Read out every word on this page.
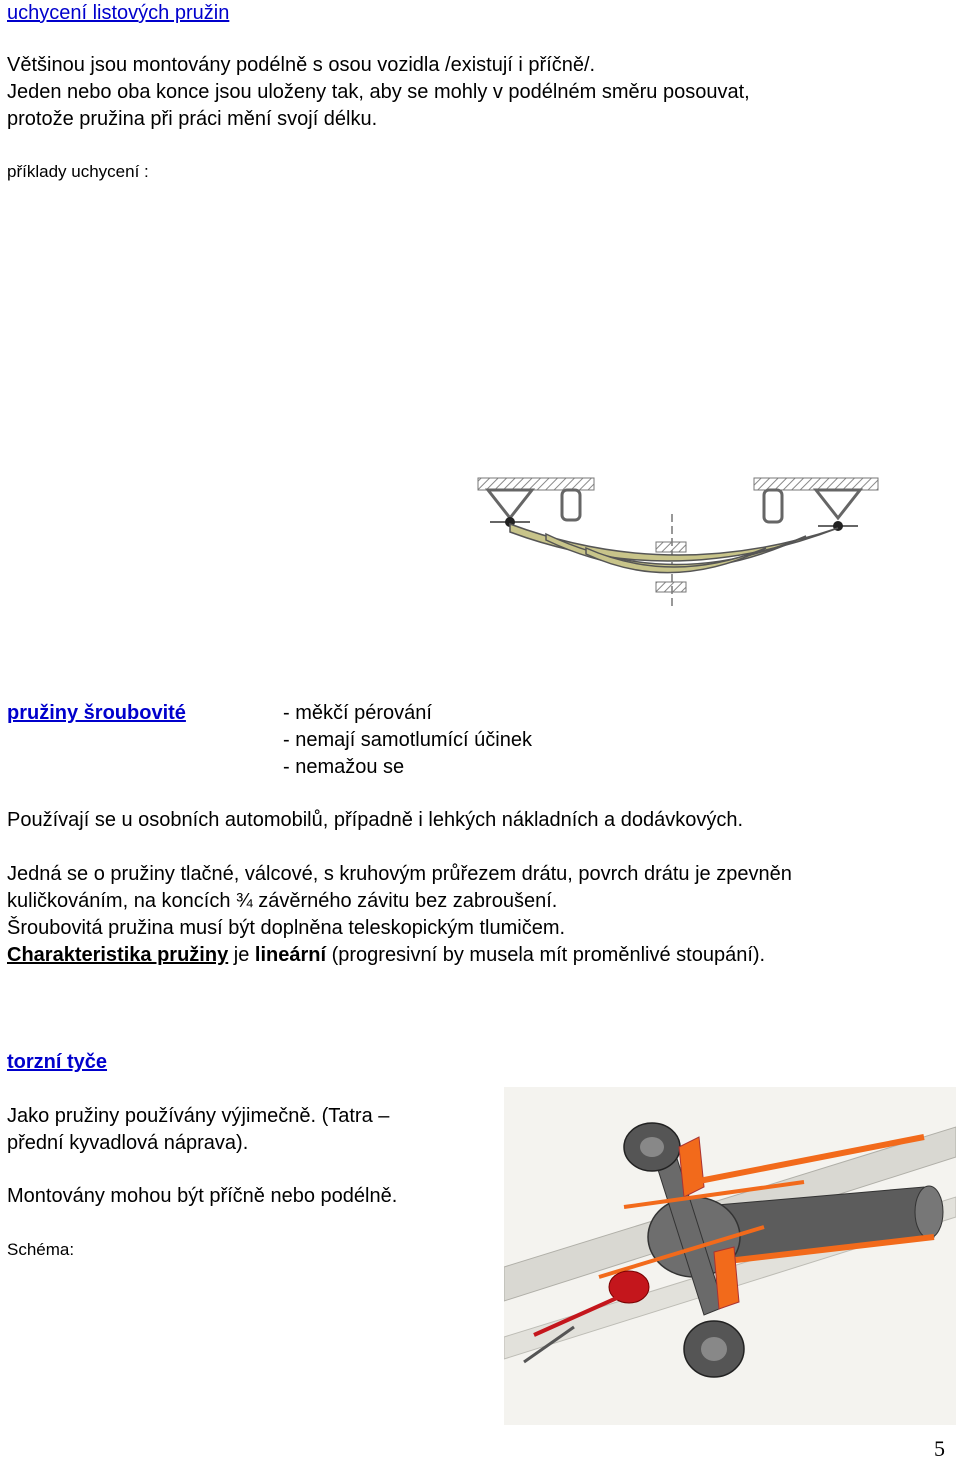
uchycení listových pružin
Většinou jsou montovány podélně s osou vozidla /existují i příčně/.
Jeden nebo oba konce jsou uloženy tak, aby se mohly v podélném směru posouvat,
protože pružina při práci mění svojí délku.
příklady uchycení :
pružiny šroubovité	- měkčí pérování
- nemají samotlumící účinek
- nemažou se
Používají se u osobních automobilů, případně i lehkých nákladních a dodávkových.
Jedná se o pružiny tlačné, válcové, s kruhovým průřezem drátu, povrch drátu je zpevněn
kuličkováním, na koncích ¾ závěrného závitu bez zabroušení.
Šroubovitá pružina musí být doplněna teleskopickým tlumičem.
Charakteristika pružiny je lineární (progresivní by musela mít proměnlivé stoupání).
torzní tyče
Jako pružiny používány výjimečně. (Tatra –
přední kyvadlová náprava).
Montovány mohou být příčně nebo podélně.
Schéma:
5
